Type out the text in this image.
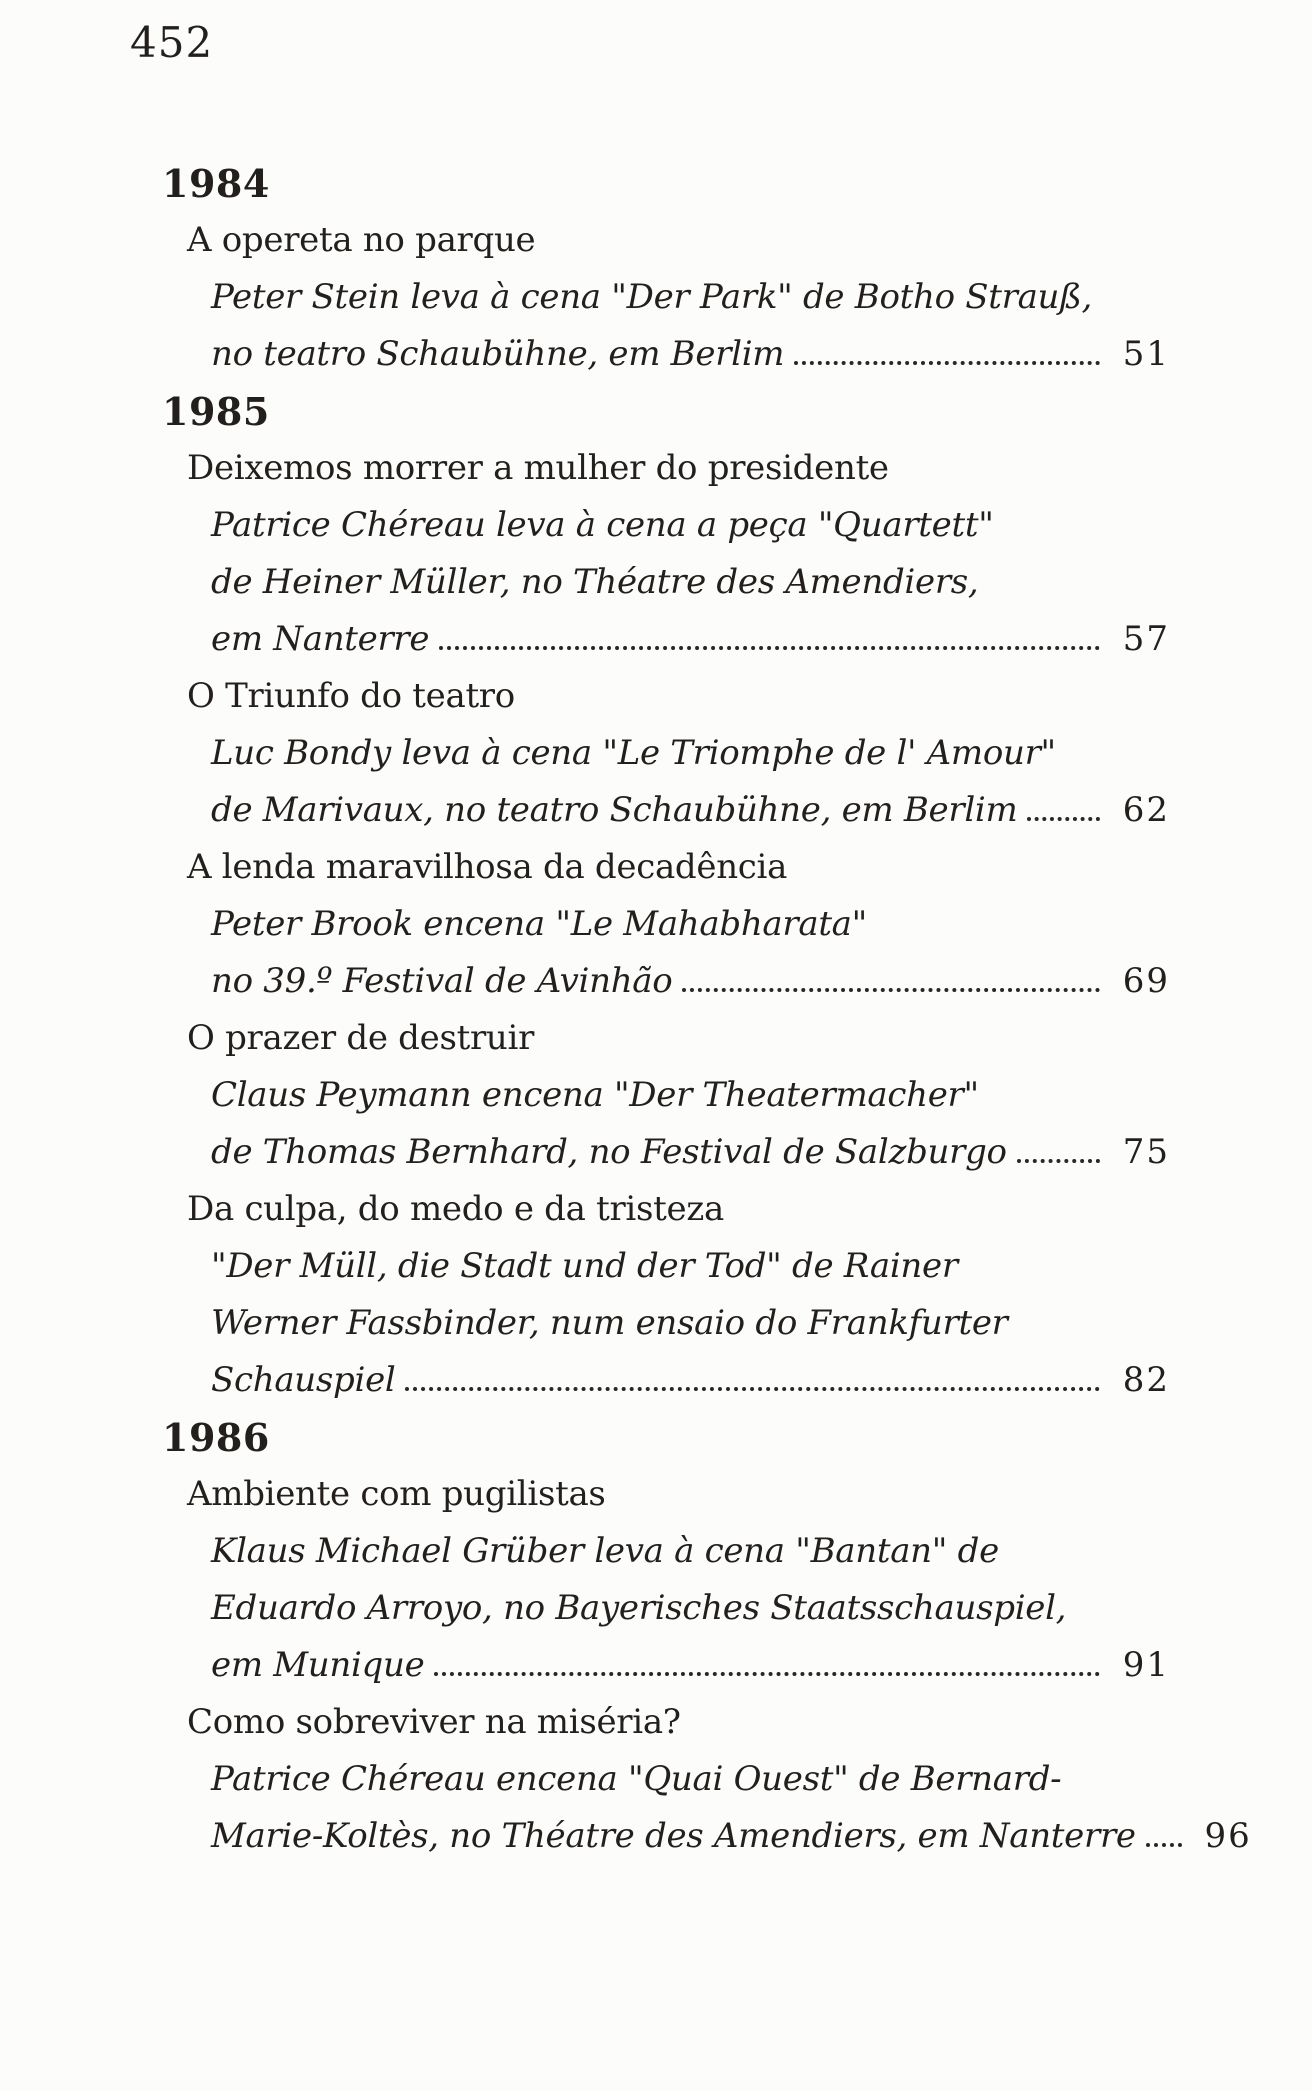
452
1984
A opereta no parque
Peter Stein leva à cena "Der Park" de Botho Strauß,
no teatro Schaubühne, em Berlim	51
1985
Deixemos morrer a mulher do presidente
Patrice Chéreau leva à cena a peça "Quartett"
de Heiner Müller, no Théatre des Amendiers,
em Nanterre	57
O Triunfo do teatro
Luc Bondy leva à cena "Le Triomphe de l' Amour"
de Marivaux, no teatro Schaubühne, em Berlim	62
A lenda maravilhosa da decadência
Peter Brook encena "Le Mahabharata"
no 39.º Festival de Avinhão	69
O prazer de destruir
Claus Peymann encena "Der Theatermacher"
de Thomas Bernhard, no Festival de Salzburgo	75
Da culpa, do medo e da tristeza
"Der Müll, die Stadt und der Tod" de Rainer
Werner Fassbinder, num ensaio do Frankfurter
Schauspiel	82
1986
Ambiente com pugilistas
Klaus Michael Grüber leva à cena "Bantan" de
Eduardo Arroyo, no Bayerisches Staatsschauspiel,
em Munique	91
Como sobreviver na miséria?
Patrice Chéreau encena "Quai Ouest" de Bernard-
Marie-Koltès, no Théatre des Amendiers, em Nanterre 96
